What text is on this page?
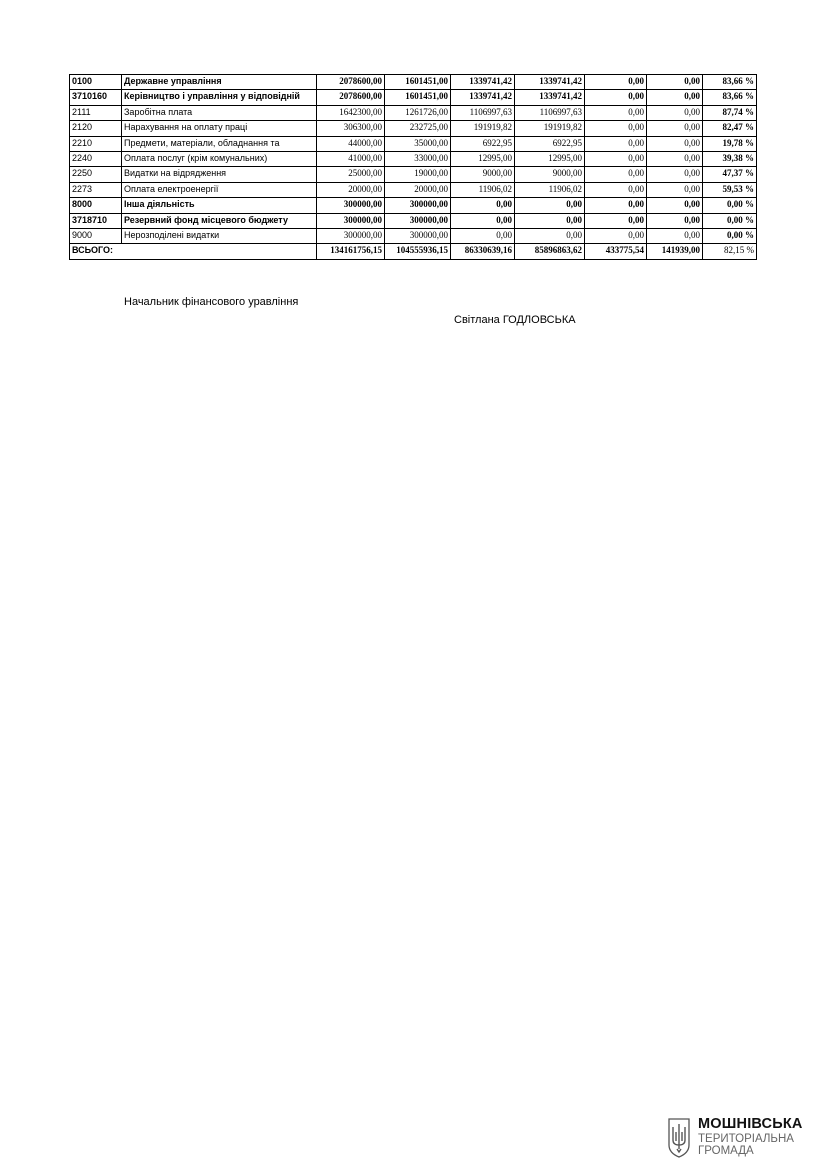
0100	Державне управління	2078600,00	1601451,00	1339741,42	1339741,42	0,00	0,00	83,66 %
3710160	Керівництво і управління у відповідній	2078600,00	1601451,00	1339741,42	1339741,42	0,00	0,00	83,66 %
2111	Заробітна плата	1642300,00	1261726,00	1106997,63	1106997,63	0,00	0,00	87,74 %
2120	Нарахування на оплату праці	306300,00	232725,00	191919,82	191919,82	0,00	0,00	82,47 %
2210	Предмети, матеріали, обладнання та	44000,00	35000,00	6922,95	6922,95	0,00	0,00	19,78 %
2240	Оплата послуг (крім комунальних)	41000,00	33000,00	12995,00	12995,00	0,00	0,00	39,38 %
2250	Видатки на відрядження	25000,00	19000,00	9000,00	9000,00	0,00	0,00	47,37 %
2273	Оплата електроенергії	20000,00	20000,00	11906,02	11906,02	0,00	0,00	59,53 %
8000	Інша діяльність	300000,00	300000,00	0,00	0,00	0,00	0,00	0,00 %
3718710	Резервний фонд місцевого бюджету	300000,00	300000,00	0,00	0,00	0,00	0,00	0,00 %
9000	Нерозподілені видатки	300000,00	300000,00	0,00	0,00	0,00	0,00	0,00 %
ВСЬОГО:		134161756,15	104555936,15	86330639,16	85896863,62	433775,54	141939,00	82,15 %
Начальник фінансового уравління
Світлана ГОДЛОВСЬКА
МОШНІВСЬКА
ТЕРИТОРІАЛЬНА
ГРОМАДА
